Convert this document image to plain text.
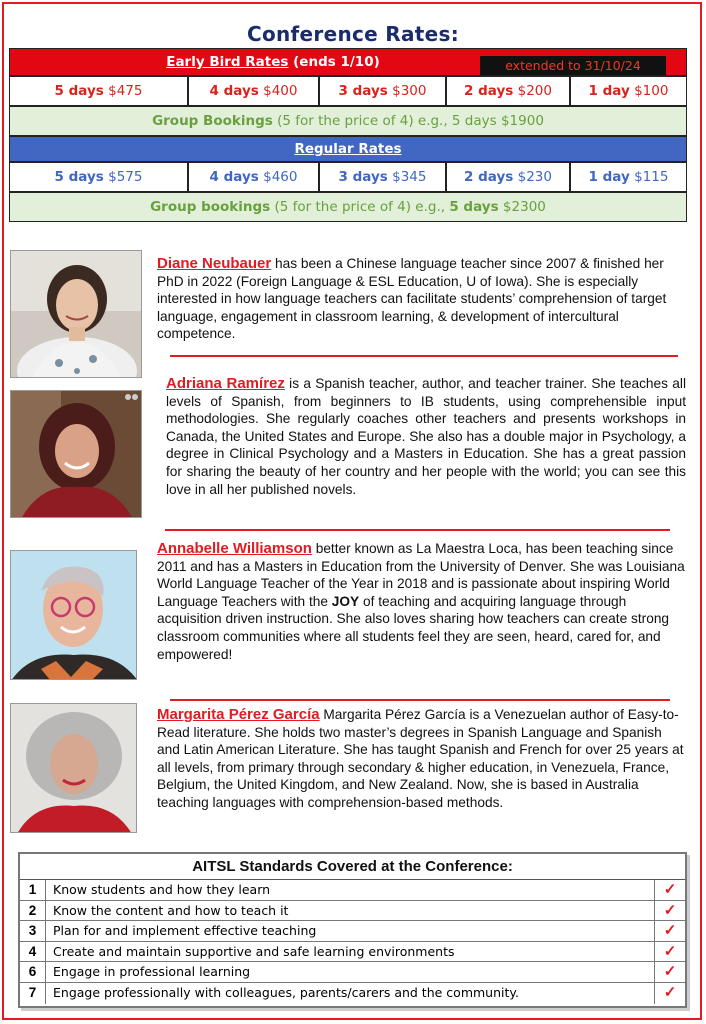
Conference Rates:
Early Bird Rates (ends 1/10)				
5 days $475	4 days $400	3 days $300	2 days $200	1 day $100
Group Bookings (5 for the price of 4) e.g., 5 days $1900				
Regular Rates				
5 days $575	4 days $460	3 days $345	2 days $230	1 day $115
Group bookings (5 for the price of 4) e.g., 5 days $2300				
extended to 31/10/24
Diane Neubauer has been a Chinese language teacher since 2007 & finished her PhD in 2022 (Foreign Language & ESL Education, U of Iowa). She is especially interested in how language teachers can facilitate students’ comprehension of target language, engagement in classroom learning, & development of intercultural competence.
Adriana Ramírez is a Spanish teacher, author, and teacher trainer. She teaches all levels of Spanish, from beginners to IB students, using comprehensible input methodologies. She regularly coaches other teachers and presents workshops in Canada, the United States and Europe. She also has a double major in Psychology, a degree in Clinical Psychology and a Masters in Education. She has a great passion for sharing the beauty of her country and her people with the world; you can see this love in all her published novels.
Annabelle Williamson better known as La Maestra Loca, has been teaching since 2011 and has a Masters in Education from the University of Denver. She was Louisiana World Language Teacher of the Year in 2018 and is passionate about inspiring World Language Teachers with the JOY of teaching and acquiring language through acquisition driven instruction. She also loves sharing how teachers can create strong classroom communities where all students feel they are seen, heard, cared for, and empowered!
Margarita Pérez García Margarita Pérez García is a Venezuelan author of Easy-to-Read literature. She holds two master’s degrees in Spanish Language and Spanish and Latin American Literature. She has taught Spanish and French for over 25 years at all levels, from primary through secondary & higher education, in Venezuela, France, Belgium, the United Kingdom, and New Zealand. Now, she is based in Australia teaching languages with comprehension-based methods.
AITSL Standards Covered at the Conference:
1	Know students and how they learn	✓
2	Know the content and how to teach it	✓
3	Plan for and implement effective teaching	✓
4	Create and maintain supportive and safe learning environments	✓
6	Engage in professional learning	✓
7	Engage professionally with colleagues, parents/carers and the community.	✓
